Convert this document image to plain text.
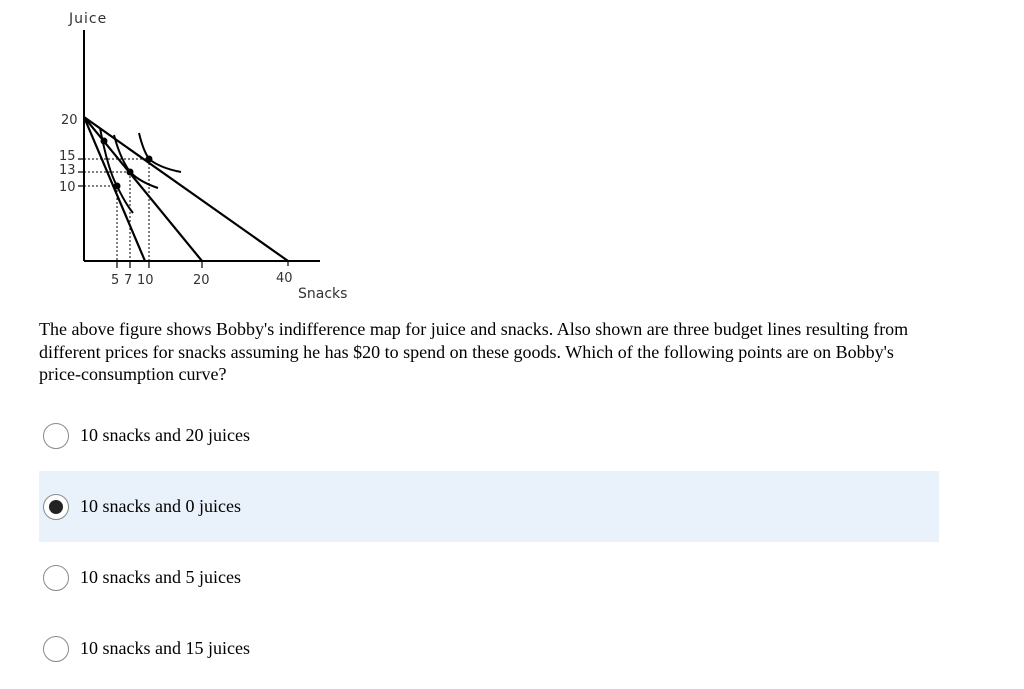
Juice
Snacks
20
15
13
10
5 7 10	20	40
The above figure shows Bobby's indifference map for juice and snacks. Also shown are three budget lines resulting from different prices for snacks assuming he has $20 to spend on these goods. Which of the following points are on Bobby's price-consumption curve?
10 snacks and 20 juices
10 snacks and 0 juices
10 snacks and 5 juices
10 snacks and 15 juices
